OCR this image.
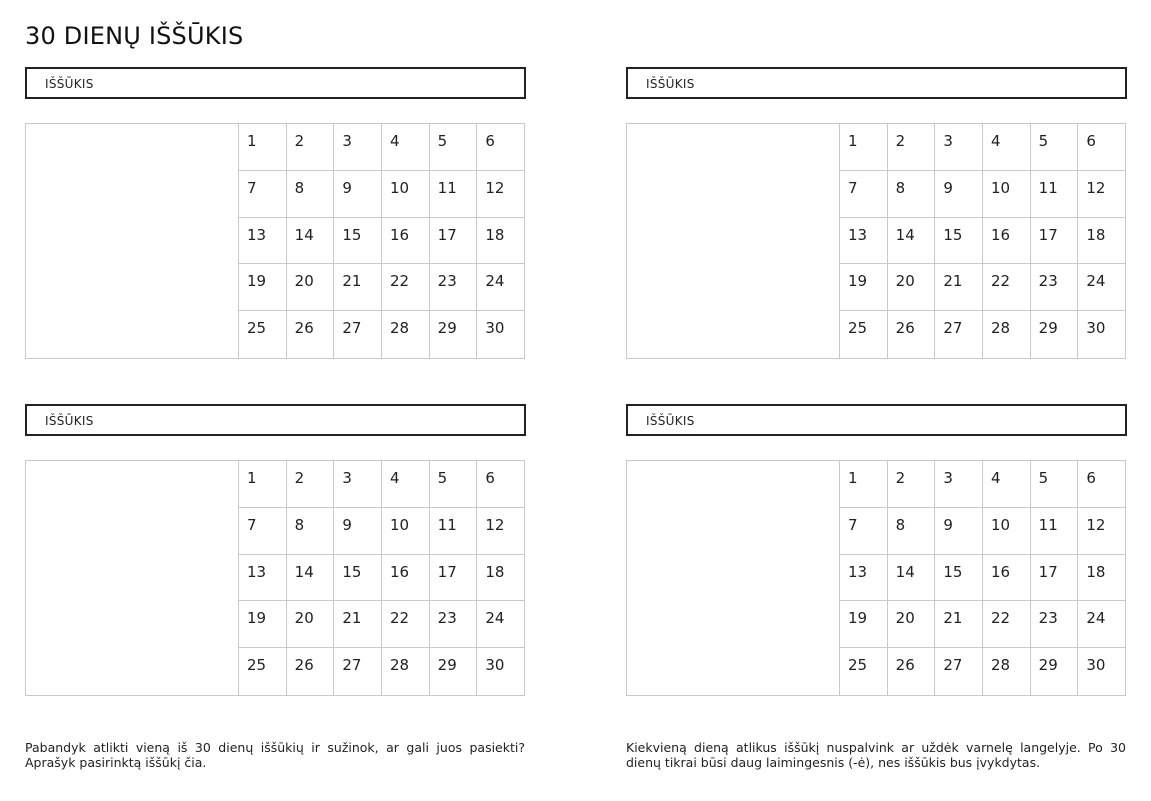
30 DIENŲ IŠŠŪKIS
IŠŠŪKIS
1	2	3	4	5	6
7	8	9	10	11	12
13	14	15	16	17	18
19	20	21	22	23	24
25	26	27	28	29	30
IŠŠŪKIS
1	2	3	4	5	6
7	8	9	10	11	12
13	14	15	16	17	18
19	20	21	22	23	24
25	26	27	28	29	30
IŠŠŪKIS
1	2	3	4	5	6
7	8	9	10	11	12
13	14	15	16	17	18
19	20	21	22	23	24
25	26	27	28	29	30
IŠŠŪKIS
1	2	3	4	5	6
7	8	9	10	11	12
13	14	15	16	17	18
19	20	21	22	23	24
25	26	27	28	29	30
Pabandyk atlikti vieną iš 30 dienų iššūkių ir sužinok, ar gali juos pasiekti? Aprašyk pasirinktą iššūkį čia.
Kiekvieną dieną atlikus iššūkį nuspalvink ar uždėk varnelę langelyje. Po 30 dienų tikrai būsi daug laimingesnis (-ė), nes iššūkis bus įvykdytas.
